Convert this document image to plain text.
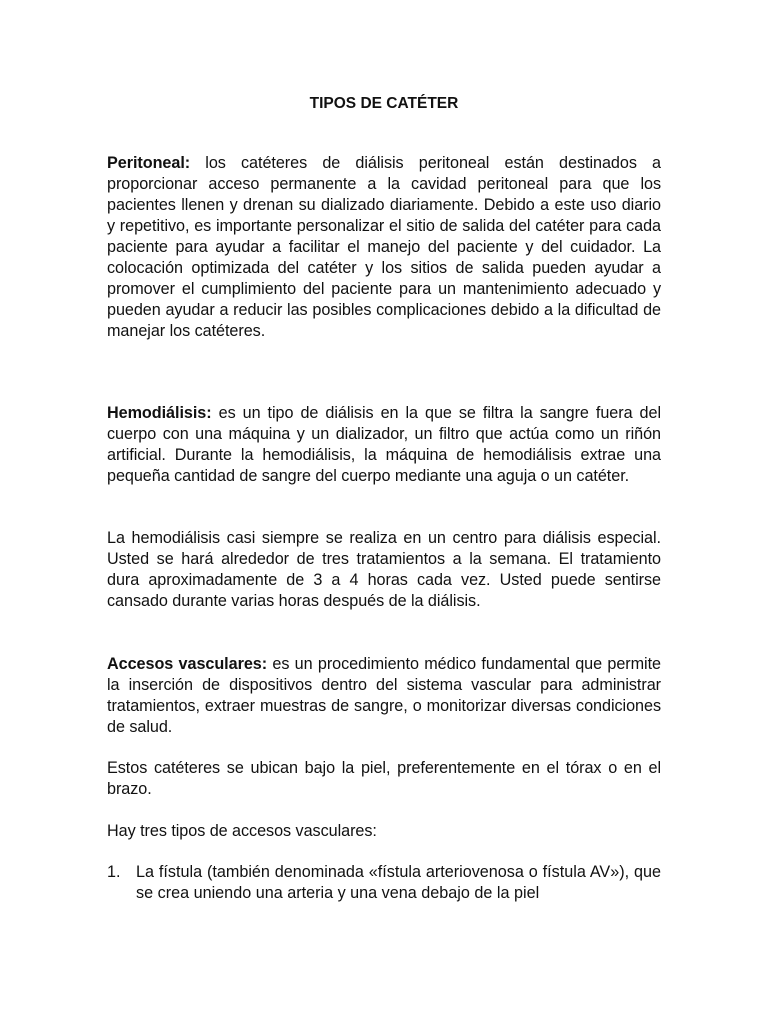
TIPOS DE CATÉTER

Peritoneal: los catéteres de diálisis peritoneal están destinados a proporcionar acceso permanente a la cavidad peritoneal para que los pacientes llenen y drenan su dializado diariamente. Debido a este uso diario y repetitivo, es importante personalizar el sitio de salida del catéter para cada paciente para ayudar a facilitar el manejo del paciente y del cuidador. La colocación optimizada del catéter y los sitios de salida pueden ayudar a promover el cumplimiento del paciente para un mantenimiento adecuado y pueden ayudar a reducir las posibles complicaciones debido a la dificultad de manejar los catéteres.

Hemodiálisis: es un tipo de diálisis en la que se filtra la sangre fuera del cuerpo con una máquina y un dializador, un filtro que actúa como un riñón artificial. Durante la hemodiálisis, la máquina de hemodiálisis extrae una pequeña cantidad de sangre del cuerpo mediante una aguja o un catéter.

La hemodiálisis casi siempre se realiza en un centro para diálisis especial. Usted se hará alrededor de tres tratamientos a la semana. El tratamiento dura aproximadamente de 3 a 4 horas cada vez. Usted puede sentirse cansado durante varias horas después de la diálisis.

Accesos vasculares: es un procedimiento médico fundamental que permite la inserción de dispositivos dentro del sistema vascular para administrar tratamientos, extraer muestras de sangre, o monitorizar diversas condiciones de salud.

Estos catéteres se ubican bajo la piel, preferentemente en el tórax o en el brazo.

Hay tres tipos de accesos vasculares:

1. La fístula (también denominada «fístula arteriovenosa o fístula AV»), que se crea uniendo una arteria y una vena debajo de la piel
